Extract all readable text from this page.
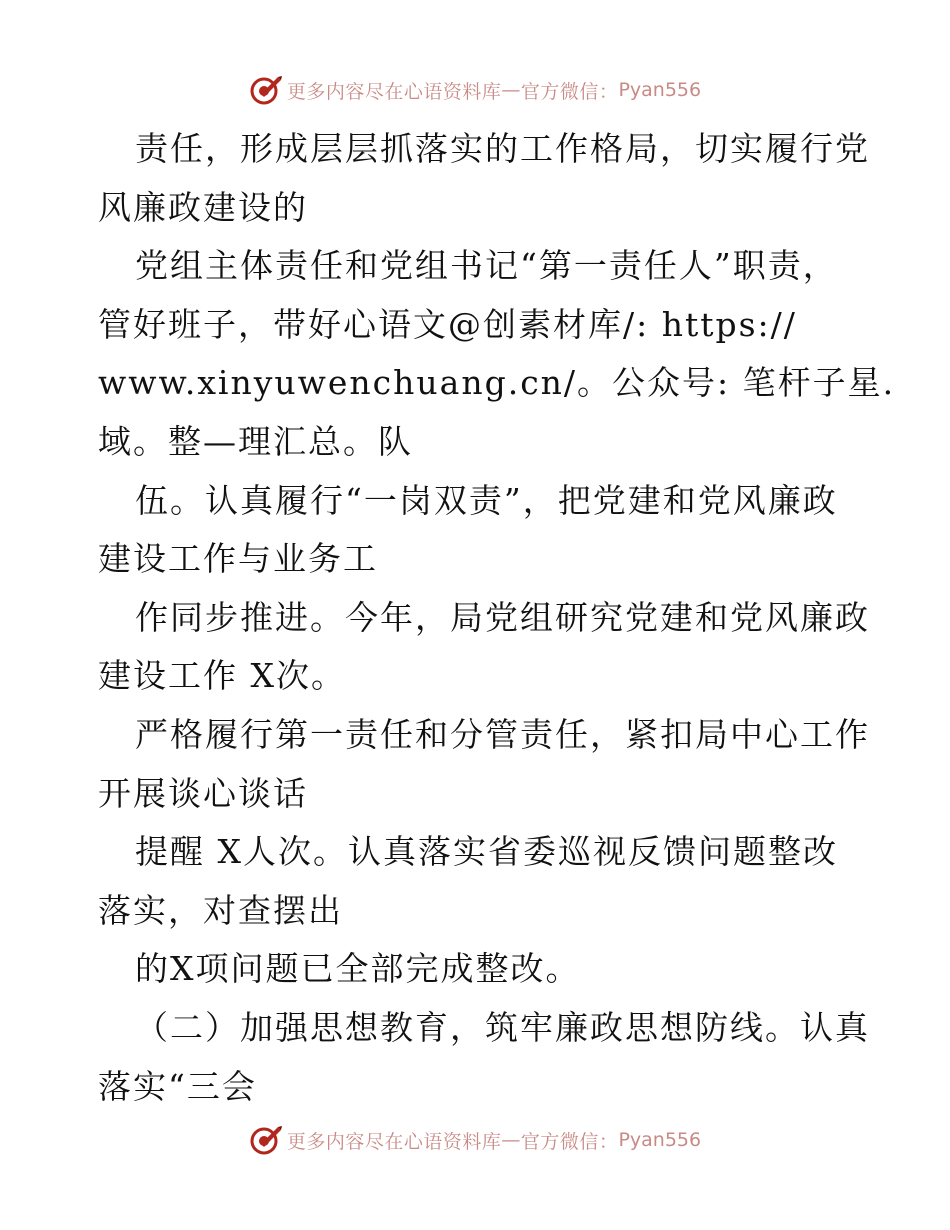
更多内容尽在心语资料库 — 官方微信： Pyan556
责任，形成层层抓落实的工作格局，切实履行党
风廉政建设的
党组主体责任和党组书记“第一责任人”职责，
管好班子，带好心语文@创素材库/: https://
www.xinyuwenchuang.cn/。公众号: 笔杆子星.
域。整—理汇总。队
伍。认真履行“一岗双责”，把党建和党风廉政
建设工作与业务工
作同步推进。今年，局党组研究党建和党风廉政
建设工作 X次。
严格履行第一责任和分管责任，紧扣局中心工作
开展谈心谈话
提醒 X人次。认真落实省委巡视反馈问题整改
落实，对查摆出
的X项问题已全部完成整改。
（二）加强思想教育，筑牢廉政思想防线。认真
落实“三会
更多内容尽在心语资料库 — 官方微信： Pyan556
